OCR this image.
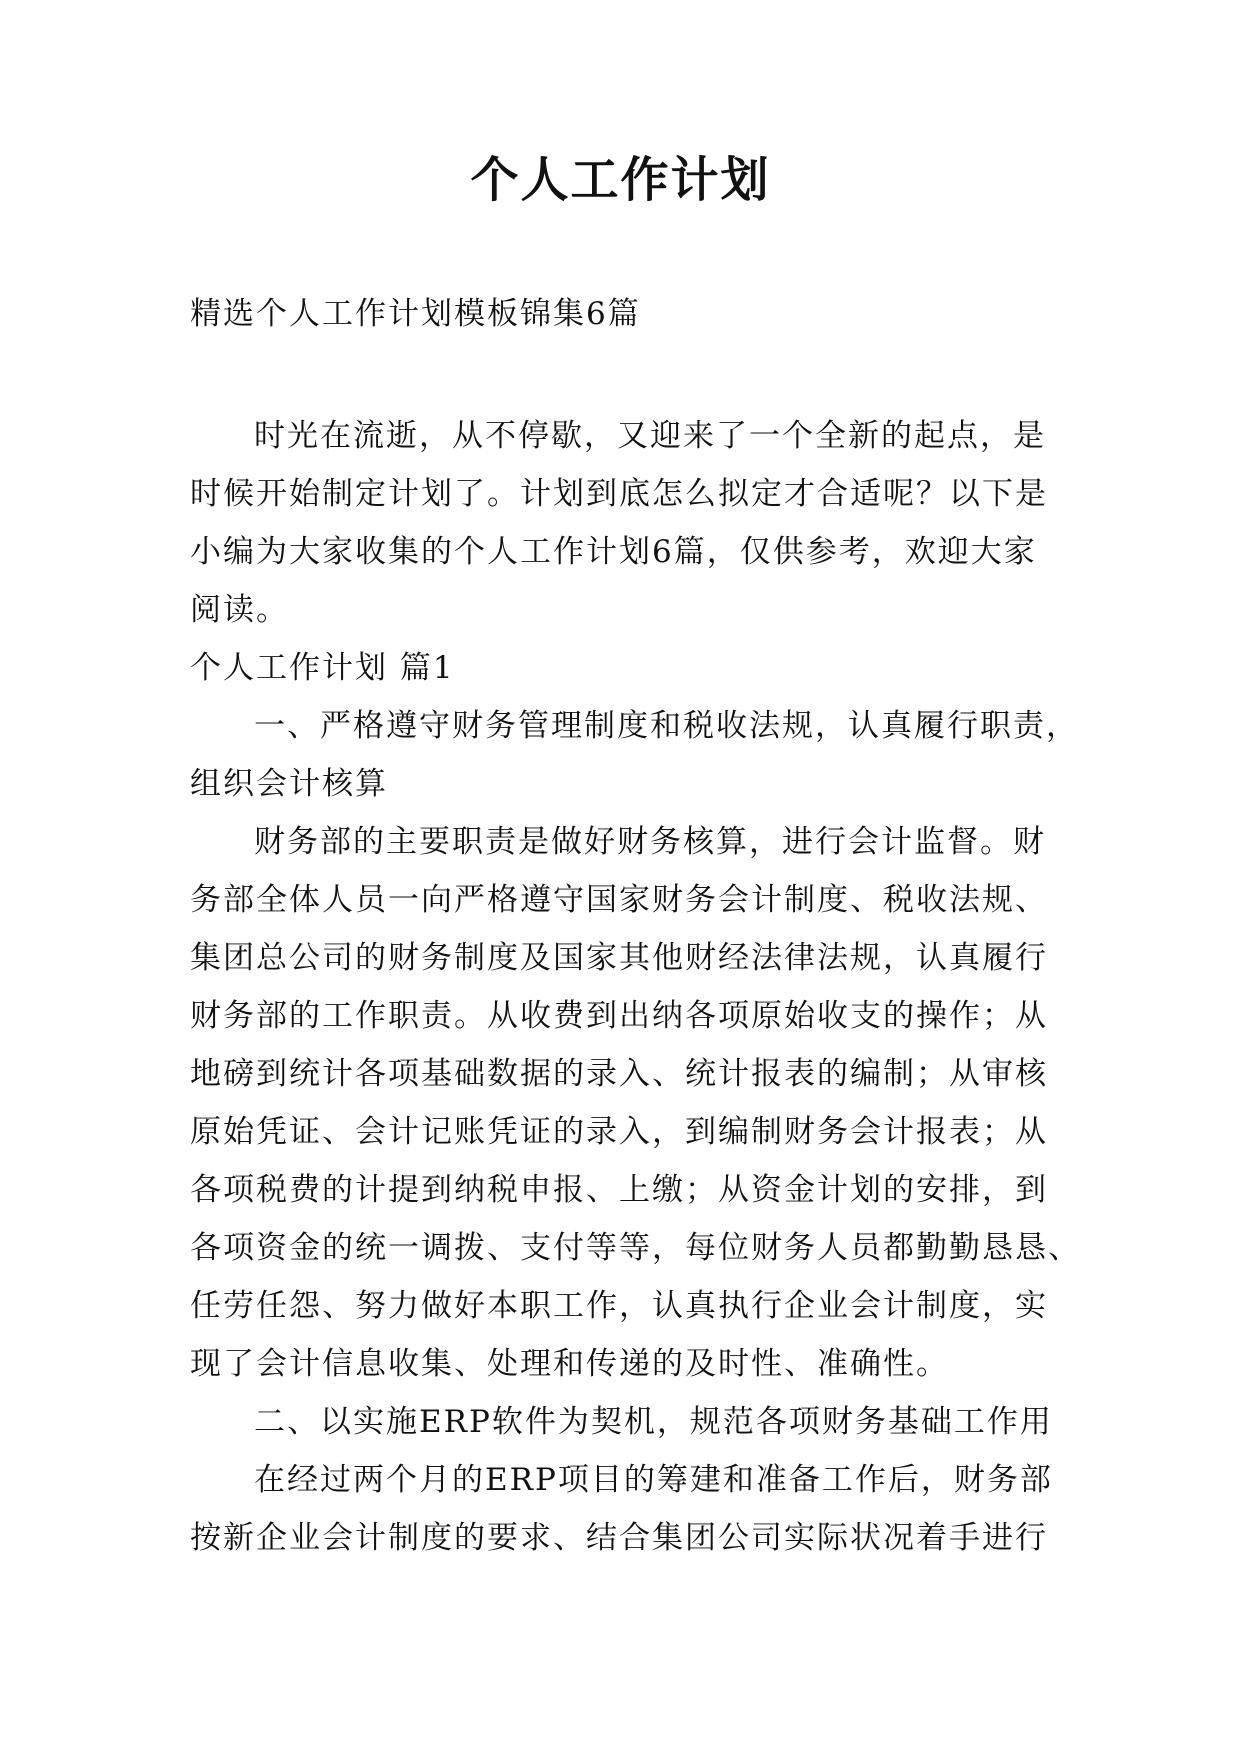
个人工作计划
精选个人工作计划模板锦集6篇
时光在流逝，从不停歇，又迎来了一个全新的起点，是
时候开始制定计划了。计划到底怎么拟定才合适呢？以下是
小编为大家收集的个人工作计划6篇，仅供参考，欢迎大家
阅读。
个人工作计划 篇1
一、严格遵守财务管理制度和税收法规，认真履行职责，
组织会计核算
财务部的主要职责是做好财务核算，进行会计监督。财
务部全体人员一向严格遵守国家财务会计制度、税收法规、
集团总公司的财务制度及国家其他财经法律法规，认真履行
财务部的工作职责。从收费到出纳各项原始收支的操作；从
地磅到统计各项基础数据的录入、统计报表的编制；从审核
原始凭证、会计记账凭证的录入，到编制财务会计报表；从
各项税费的计提到纳税申报、上缴；从资金计划的安排，到
各项资金的统一调拨、支付等等，每位财务人员都勤勤恳恳、
任劳任怨、努力做好本职工作，认真执行企业会计制度，实
现了会计信息收集、处理和传递的及时性、准确性。
二、以实施ERP软件为契机，规范各项财务基础工作用
在经过两个月的ERP项目的筹建和准备工作后，财务部
按新企业会计制度的要求、结合集团公司实际状况着手进行
